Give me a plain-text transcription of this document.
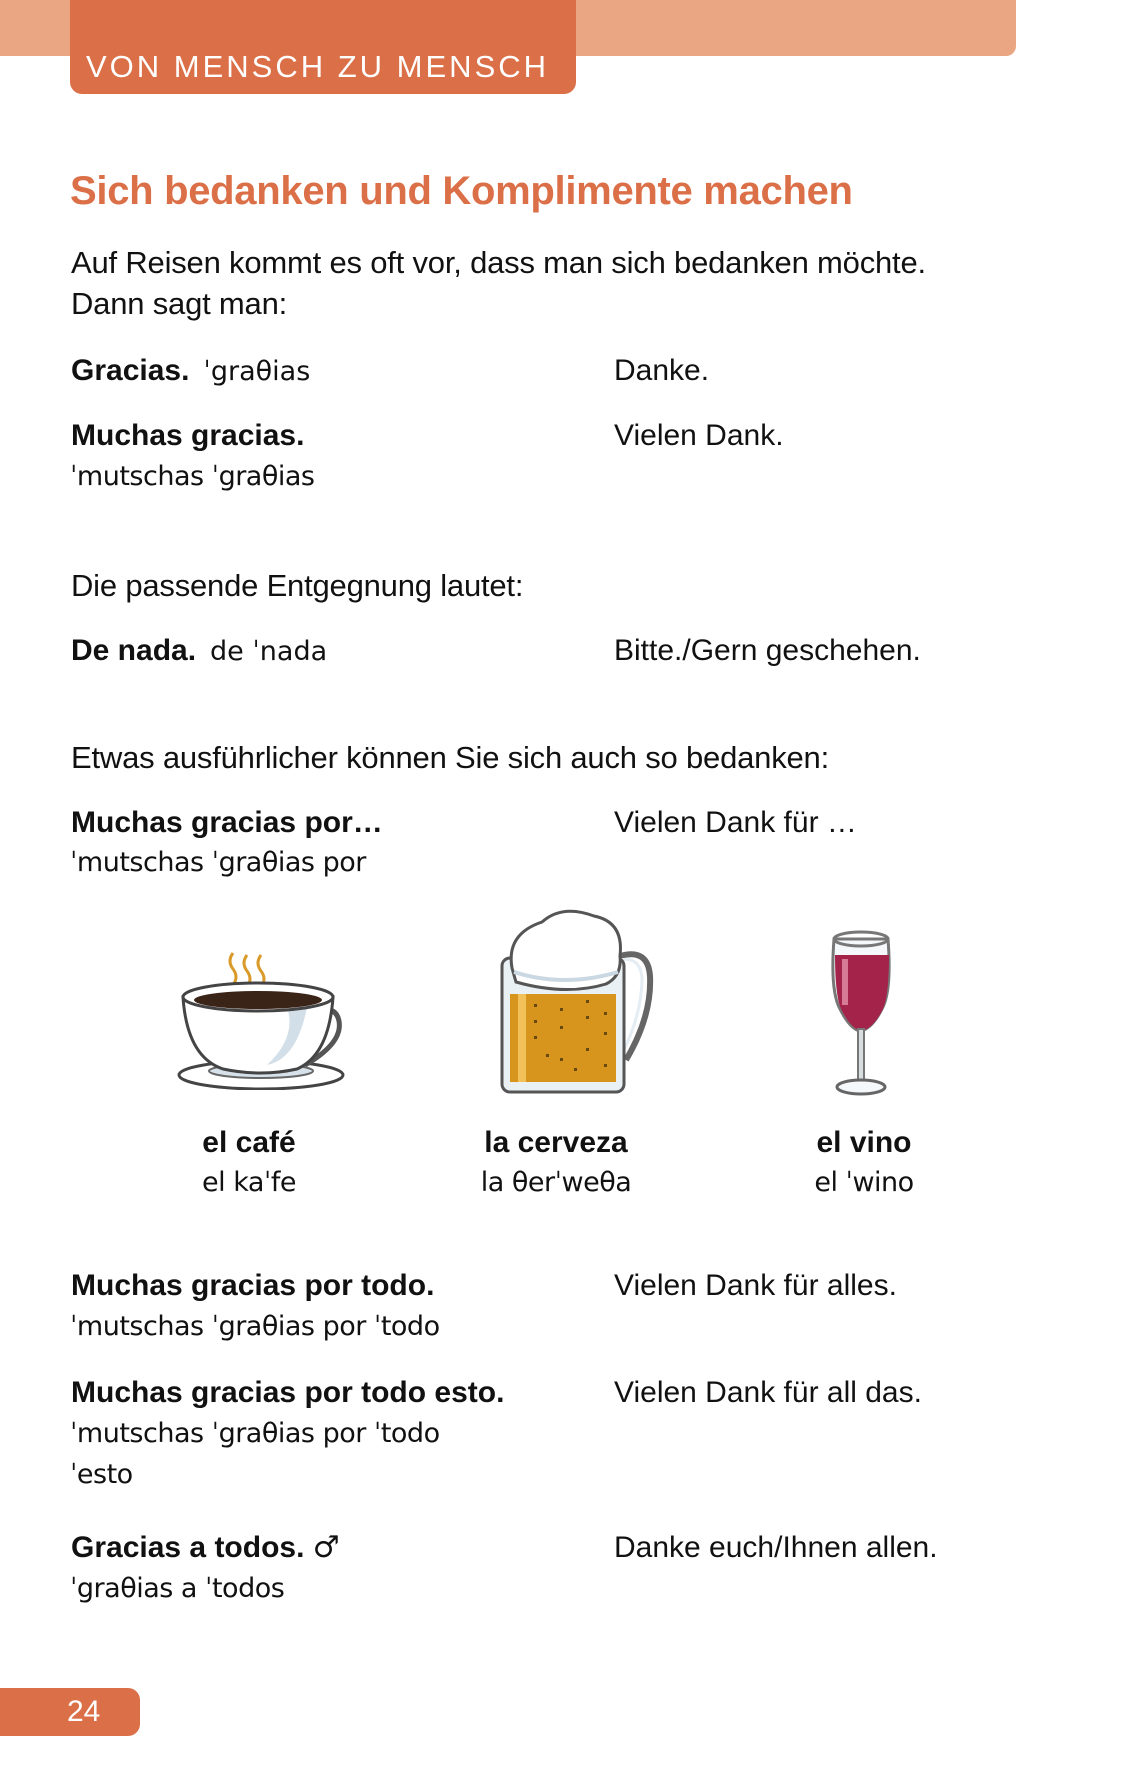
VON MENSCH ZU MENSCH
Sich bedanken und Komplimente machen
Auf Reisen kommt es oft vor, dass man sich bedanken möchte.
Dann sagt man:
Gracias. ˈgraθias	Danke.
Muchas gracias.
ˈmutschas ˈgraθias
Vielen Dank.
Die passende Entgegnung lautet:
De nada. de ˈnada	Bitte./Gern geschehen.
Etwas ausführlicher können Sie sich auch so bedanken:
Muchas gracias por…
ˈmutschas ˈgraθias por
Vielen Dank für …
el café
el kaˈfe
la cerveza
la θerˈweθa
el vino
el ˈwino
Muchas gracias por todo.
ˈmutschas ˈgraθias por ˈtodo
Vielen Dank für alles.
Muchas gracias por todo esto.
ˈmutschas ˈgraθias por ˈtodo
ˈesto
Vielen Dank für all das.
Gracias a todos. ♂
ˈgraθias a ˈtodos
Danke euch/Ihnen allen.
24
